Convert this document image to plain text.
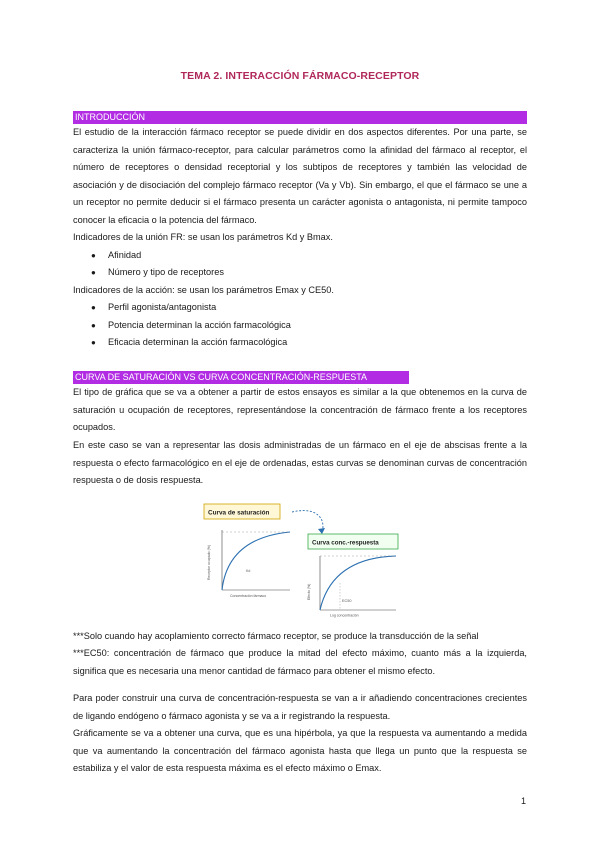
TEMA 2. INTERACCIÓN FÁRMACO-RECEPTOR
INTRODUCCIÓN

El estudio de la interacción fármaco receptor se puede dividir en dos aspectos diferentes. Por una parte, se caracteriza la unión fármaco-receptor, para calcular parámetros como la afinidad del fármaco al receptor, el número de receptores o densidad receptorial y los subtipos de receptores y también las velocidad de asociación y de disociación del complejo fármaco receptor (Va y Vb). Sin embargo, el que el fármaco se une a un receptor no permite deducir si el fármaco presenta un carácter agonista o antagonista, ni permite tampoco conocer la eficacia o la potencia del fármaco.

Indicadores de la unión FR: se usan los parámetros Kd y Bmax.
● Afinidad
● Número y tipo de receptores
Indicadores de la acción: se usan los parámetros Emax y CE50.
● Perfil agonista/antagonista
● Potencia determinan la acción farmacológica
● Eficacia determinan la acción farmacológica
CURVA DE SATURACIÓN VS CURVA CONCENTRACIÓN-RESPUESTA

El tipo de gráfica que se va a obtener a partir de estos ensayos es similar a la que obtenemos en la curva de saturación u ocupación de receptores, representándose la concentración de fármaco frente a los receptores ocupados.

En este caso se van a representar las dosis administradas de un fármaco en el eje de abscisas frente a la respuesta o efecto farmacológico en el eje de ordenadas, estas curvas se denominan curvas de concentración respuesta o de dosis respuesta.

Curva de saturación
Receptor ocupado (%)
Concentración fármaco
Kd
Curva conc.-respuesta
Efecto (%)
Log concentración
EC50
***Solo cuando hay acoplamiento correcto fármaco receptor, se produce la transducción de la señal

***EC50: concentración de fármaco que produce la mitad del efecto máximo, cuanto más a la izquierda, significa que es necesaria una menor cantidad de fármaco para obtener el mismo efecto.

Para poder construir una curva de concentración-respuesta se van a ir añadiendo concentraciones crecientes de ligando endógeno o fármaco agonista y se va a ir registrando la respuesta.

Gráficamente se va a obtener una curva, que es una hipérbola, ya que la respuesta va aumentando a medida que va aumentando la concentración del fármaco agonista hasta que llega un punto que la respuesta se estabiliza y el valor de esta respuesta máxima es el efecto máximo o Emax.

1
